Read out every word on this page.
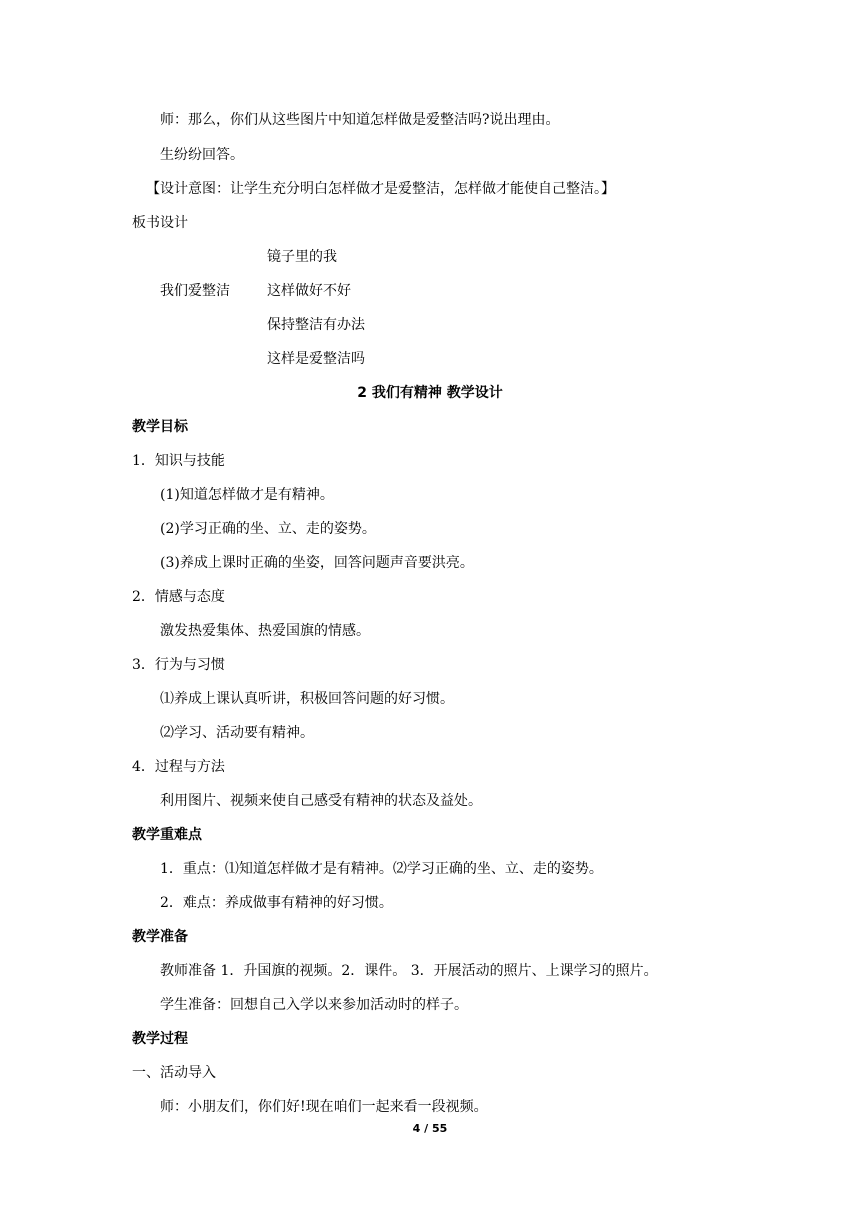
师：那么，你们从这些图片中知道怎样做是爱整洁吗?说出理由。
生纷纷回答。
【设计意图：让学生充分明白怎样做才是爱整洁，怎样做才能使自己整洁。】
板书设计
镜子里的我
我们爱整洁	这样做好不好
保持整洁有办法
这样是爱整洁吗
2 我们有精神 教学设计
教学目标
1．知识与技能
(1)知道怎样做才是有精神。
(2)学习正确的坐、立、走的姿势。
(3)养成上课时正确的坐姿，回答问题声音要洪亮。
2．情感与态度
激发热爱集体、热爱国旗的情感。
3．行为与习惯
⑴养成上课认真听讲，积极回答问题的好习惯。
⑵学习、活动要有精神。
4．过程与方法
利用图片、视频来使自己感受有精神的状态及益处。
教学重难点
1．重点：⑴知道怎样做才是有精神。⑵学习正确的坐、立、走的姿势。
2．难点：养成做事有精神的好习惯。
教学准备
教师准备 1．升国旗的视频。2．课件。 3．开展活动的照片、上课学习的照片。
学生准备：回想自己入学以来参加活动时的样子。
教学过程
一、活动导入
师：小朋友们，你们好!现在咱们一起来看一段视频。
4 / 55
